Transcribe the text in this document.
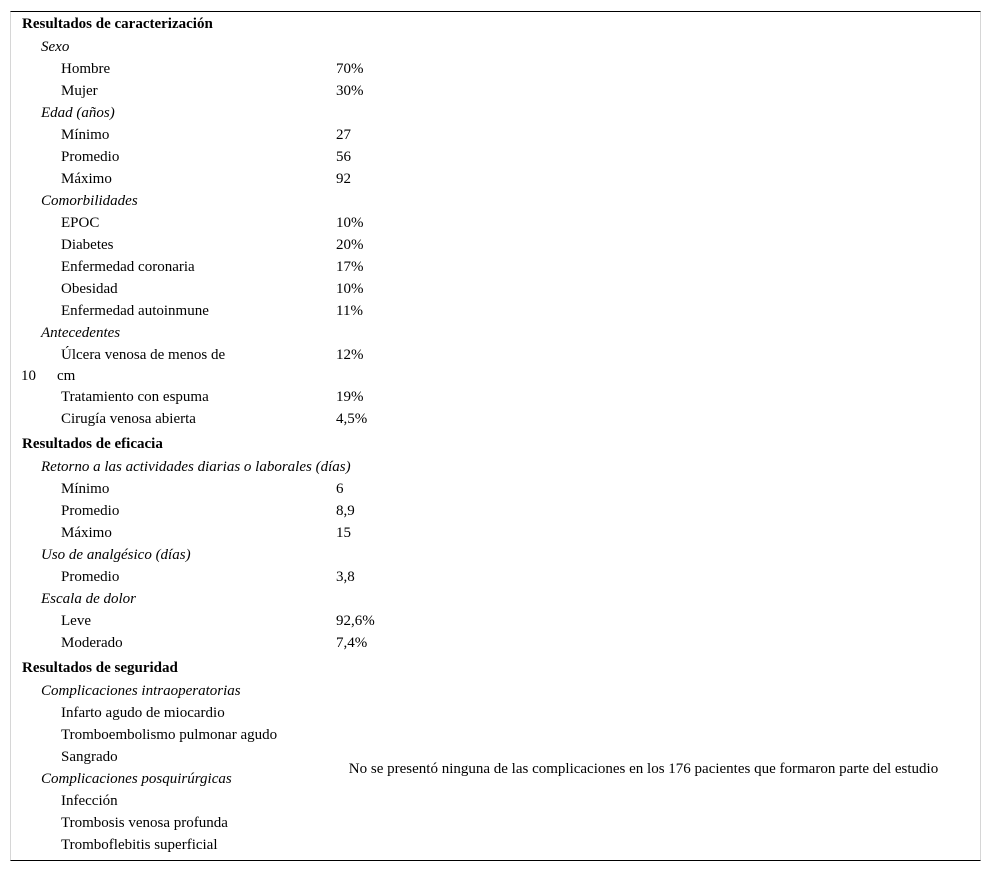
Resultados de caracterización
Sexo
Hombre	70%
Mujer	30%
Edad (años)
Mínimo	27
Promedio	56
Máximo	92
Comorbilidades
EPOC	10%
Diabetes	20%
Enfermedad coronaria	17%
Obesidad	10%
Enfermedad autoinmune	11%
Antecedentes
Úlcera venosa de menos de	12%
10 cm
Tratamiento con espuma	19%
Cirugía venosa abierta	4,5%
Resultados de eficacia
Retorno a las actividades diarias o laborales (días)
Mínimo	6
Promedio	8,9
Máximo	15
Uso de analgésico (días)
Promedio	3,8
Escala de dolor
Leve	92,6%
Moderado	7,4%
Resultados de seguridad
Complicaciones intraoperatorias
Infarto agudo de miocardio
Tromboembolismo pulmonar agudo
Sangrado
Complicaciones posquirúrgicas
Infección
Trombosis venosa profunda
Tromboflebitis superficial
No se presentó ninguna de las complicaciones en los 176 pacientes que formaron parte del estudio
